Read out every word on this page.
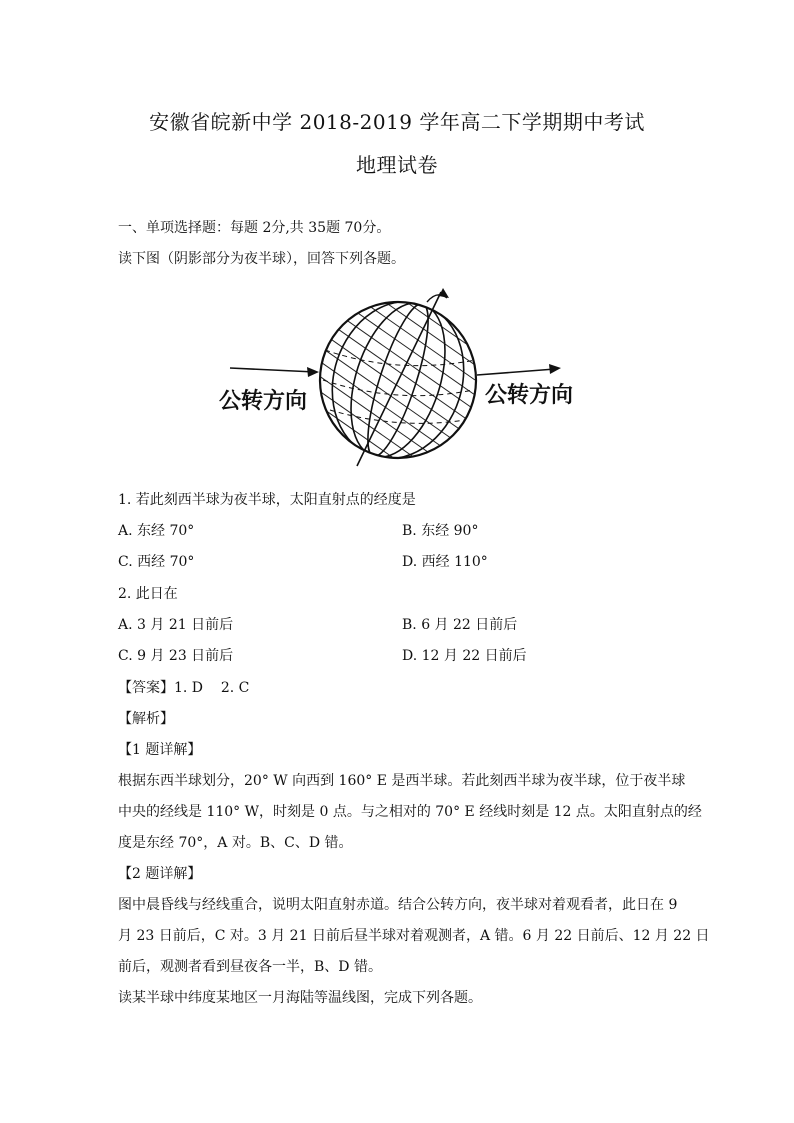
安徽省皖新中学 2018-2019 学年高二下学期期中考试
地理试卷
一、单项选择题：每题 2分,共 35题 70分。
读下图（阴影部分为夜半球），回答下列各题。
公转方向	公转方向
1. 若此刻西半球为夜半球，太阳直射点的经度是
A. 东经 70°	B. 东经 90°
C. 西经 70°	D. 西经 110°
2. 此日在
A. 3 月 21 日前后	B. 6 月 22 日前后
C. 9 月 23 日前后	D. 12 月 22 日前后
【答案】1. D    2. C
【解析】
【1 题详解】
根据东西半球划分，20° W 向西到 160° E 是西半球。若此刻西半球为夜半球，位于夜半球
中央的经线是 110° W，时刻是 0 点。与之相对的 70° E 经线时刻是 12 点。太阳直射点的经
度是东经 70°，A 对。B、C、D 错。
【2 题详解】
图中晨昏线与经线重合，说明太阳直射赤道。结合公转方向，夜半球对着观看者，此日在 9
月 23 日前后，C 对。3 月 21 日前后昼半球对着观测者，A 错。6 月 22 日前后、12 月 22 日
前后，观测者看到昼夜各一半，B、D 错。
读某半球中纬度某地区一月海陆等温线图，完成下列各题。
